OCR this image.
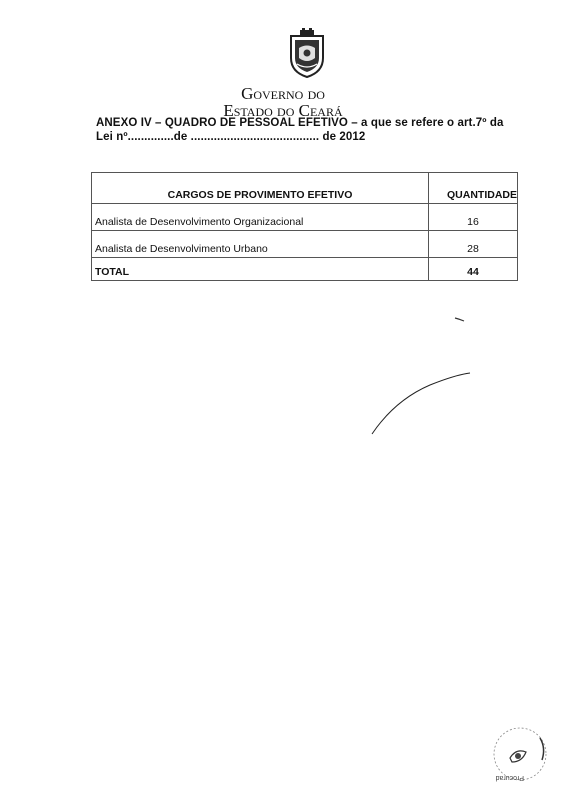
Governo do
Estado do Ceará
ANEXO IV – QUADRO DE PESSOAL EFETIVO – a que se refere o art.7º da
Lei nº..............de ....................................... de 2012
CARGOS DE PROVIMENTO EFETIVO	QUANTIDADE
Analista de Desenvolvimento Organizacional	16
Analista de Desenvolvimento Urbano	28
TOTAL	44
Procurad
